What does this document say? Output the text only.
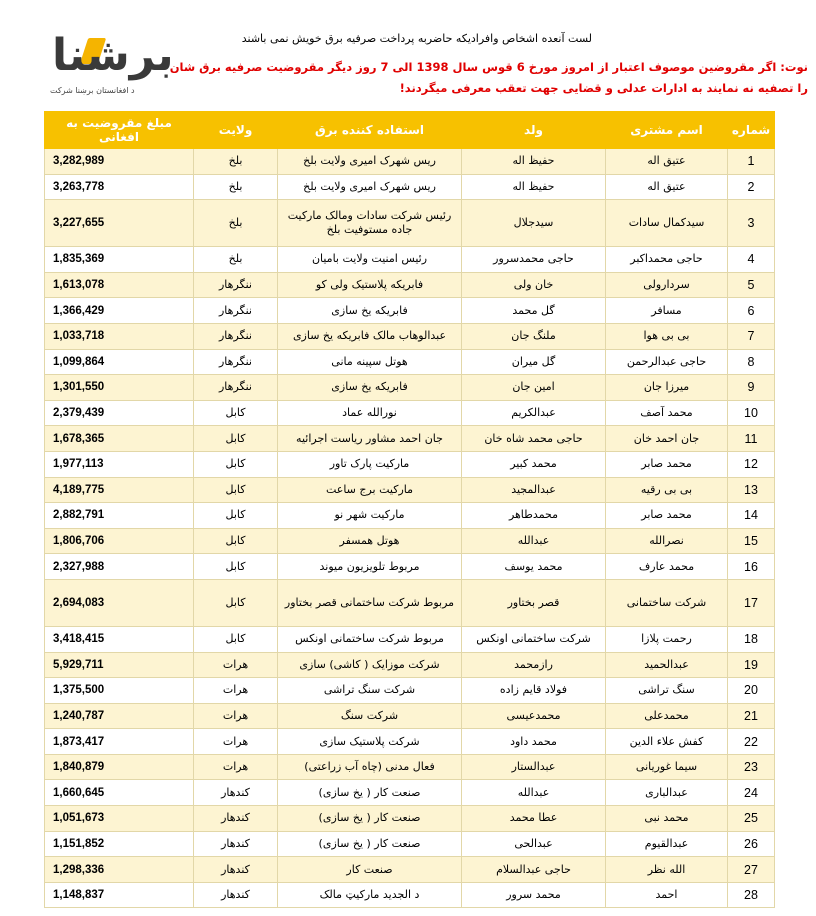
برشنا
د افغانستان برښنا شرکت
لست آنعده اشخاص وافرادیکه حاضربه پرداخت صرفیه برق خویش نمی باشند
نوت: اگر مقروضین موصوف اعتبار از امروز مورخ 6 قوس سال 1398 الی 7 روز دیگر مقروضیت صرفیه برق شان
را تصفیه نه نمایند به ادارات عدلی و قضایی جهت تعقب معرفی میگردند!
شماره	اسم مشتری	ولد	استفاده کننده برق	ولایت	مبلغ مقروضیت به افغانی
1	عتیق اله	حفیظ اله	ریس شهرک امیری ولایت بلخ	بلخ	3,282,989
2	عتیق اله	حفیظ اله	ریس شهرک امیری ولایت بلخ	بلخ	3,263,778
3	سیدکمال سادات	سیدجلال	رئیس شرکت سادات ومالک مارکیت جاده مستوفیت بلخ	بلخ	3,227,655
4	حاجی محمداکبر	حاجی محمدسرور	رئیس امنیت ولایت بامیان	بلخ	1,835,369
5	سردارولی	خان ولی	فابریکه پلاستیک ولی کو	ننگرهار	1,613,078
6	مسافر	گل محمد	فابریکه یخ سازی	ننگرهار	1,366,429
7	بی بی هوا	ملنگ جان	عبدالوهاب مالک فابریکه یخ سازی	ننگرهار	1,033,718
8	حاجی عبدالرحمن	گل میران	هوتل سپینه مانی	ننگرهار	1,099,864
9	میرزا جان	امین جان	فابریکه یخ سازی	ننگرهار	1,301,550
10	محمد آصف	عبدالکریم	نورالله عماد	کابل	2,379,439
11	جان احمد خان	حاجی محمد شاه خان	جان احمد مشاور ریاست اجرائیه	کابل	1,678,365
12	محمد صابر	محمد کبیر	مارکیت پارک تاور	کابل	1,977,113
13	بی بی رقیه	عبدالمجید	مارکیت برج ساعت	کابل	4,189,775
14	محمد صابر	محمدطاهر	مارکیت شهر نو	کابل	2,882,791
15	نصرالله	عبدالله	هوتل همسفر	کابل	1,806,706
16	محمد عارف	محمد یوسف	مربوط تلویزیون میوند	کابل	2,327,988
17	شرکت ساختمانی	قصر بختاور	مربوط شرکت ساختمانی قصر بختاور	کابل	2,694,083
18	رحمت پلازا	شرکت ساختمانی اونکس	مربوط شرکت ساختمانی اونکس	کابل	3,418,415
19	عبدالحمید	رازمحمد	شرکت موزایک ( کاشی) سازی	هرات	5,929,711
20	سنگ تراشی	فولاد قایم زاده	شرکت سنگ تراشی	هرات	1,375,500
21	محمدعلی	محمدعیسی	شرکت سنگ	هرات	1,240,787
22	کفش علاء الدین	محمد داود	شرکت پلاستیک سازی	هرات	1,873,417
23	سیما غوریانی	عبدالستار	فعال مدنی (چاه آب زراعتی)	هرات	1,840,879
24	عبدالباری	عبدالله	صنعت کار ( یخ سازی)	کندهار	1,660,645
25	محمد نبی	عطا محمد	صنعت کار ( یخ سازی)	کندهار	1,051,673
26	عبدالقیوم	عبدالحی	صنعت کار ( یخ سازی)	کندهار	1,151,852
27	الله نظر	حاجی عبدالسلام	صنعت کار	کندهار	1,298,336
28	احمد	محمد سرور	د الجدید مارکیټ مالک	کندهار	1,148,837
